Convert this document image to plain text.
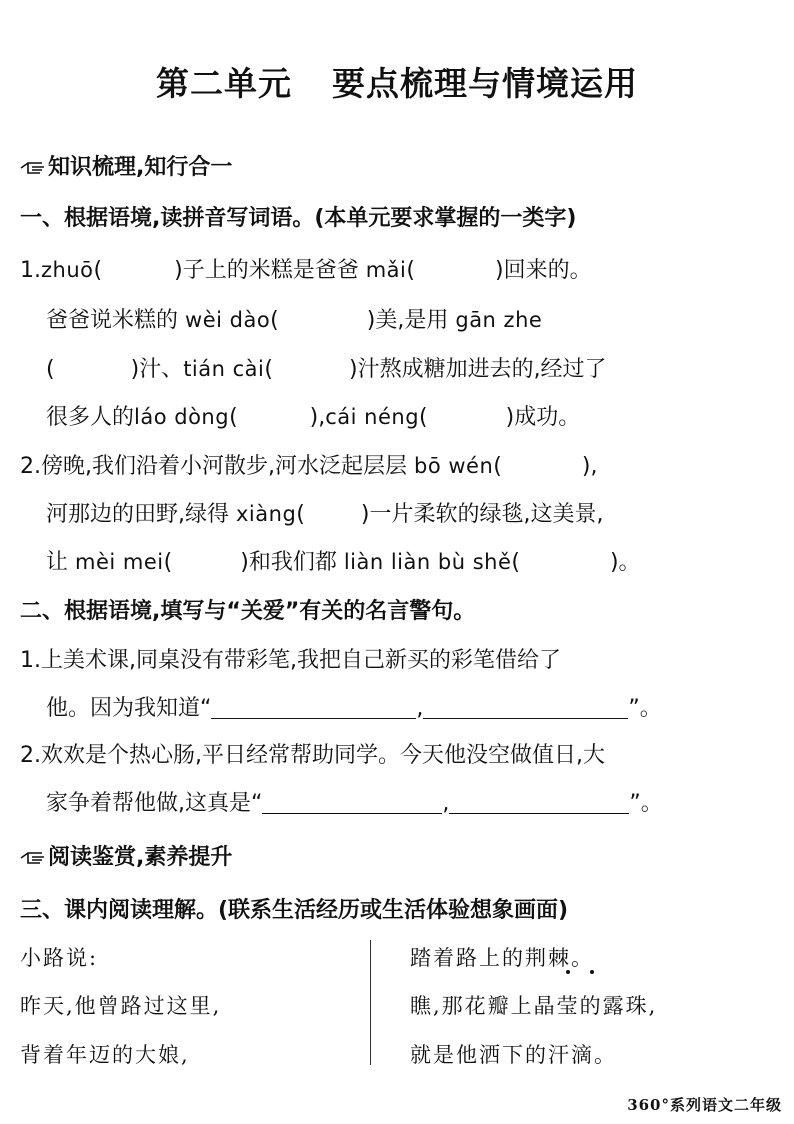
第二单元 要点梳理与情境运用
知识梳理,知行合一
一、根据语境,读拼音写词语。(本单元要求掌握的一类字)
1.zhuō(	)子上的米糕是爸爸 mǎi(	)回来的。
爸爸说米糕的 wèi dào(	)美,是用 gān zhe
(	)汁、tián cài(	)汁熬成糖加进去的,经过了
很多人的láo dòng(	),cái néng(	)成功。
2.傍晚,我们沿着小河散步,河水泛起层层 bō wén(	),
河那边的田野,绿得 xiàng(	)一片柔软的绿毯,这美景,
让 mèi mei(	)和我们都 liàn liàn bù shě(	)。
二、根据语境,填写与“关爱”有关的名言警句。
1.上美术课,同桌没有带彩笔,我把自己新买的彩笔借给了
他。因为我知道“	,	”。
2.欢欢是个热心肠,平日经常帮助同学。今天他没空做值日,大
家争着帮他做,这真是“	,	”。
阅读鉴赏,素养提升
三、课内阅读理解。(联系生活经历或生活体验想象画面)
小路说:
昨天,他曾路过这里,
背着年迈的大娘,
踏着路上的荆棘。
瞧,那花瓣上晶莹的露珠,
就是他洒下的汗滴。
360°系列语文二年级
